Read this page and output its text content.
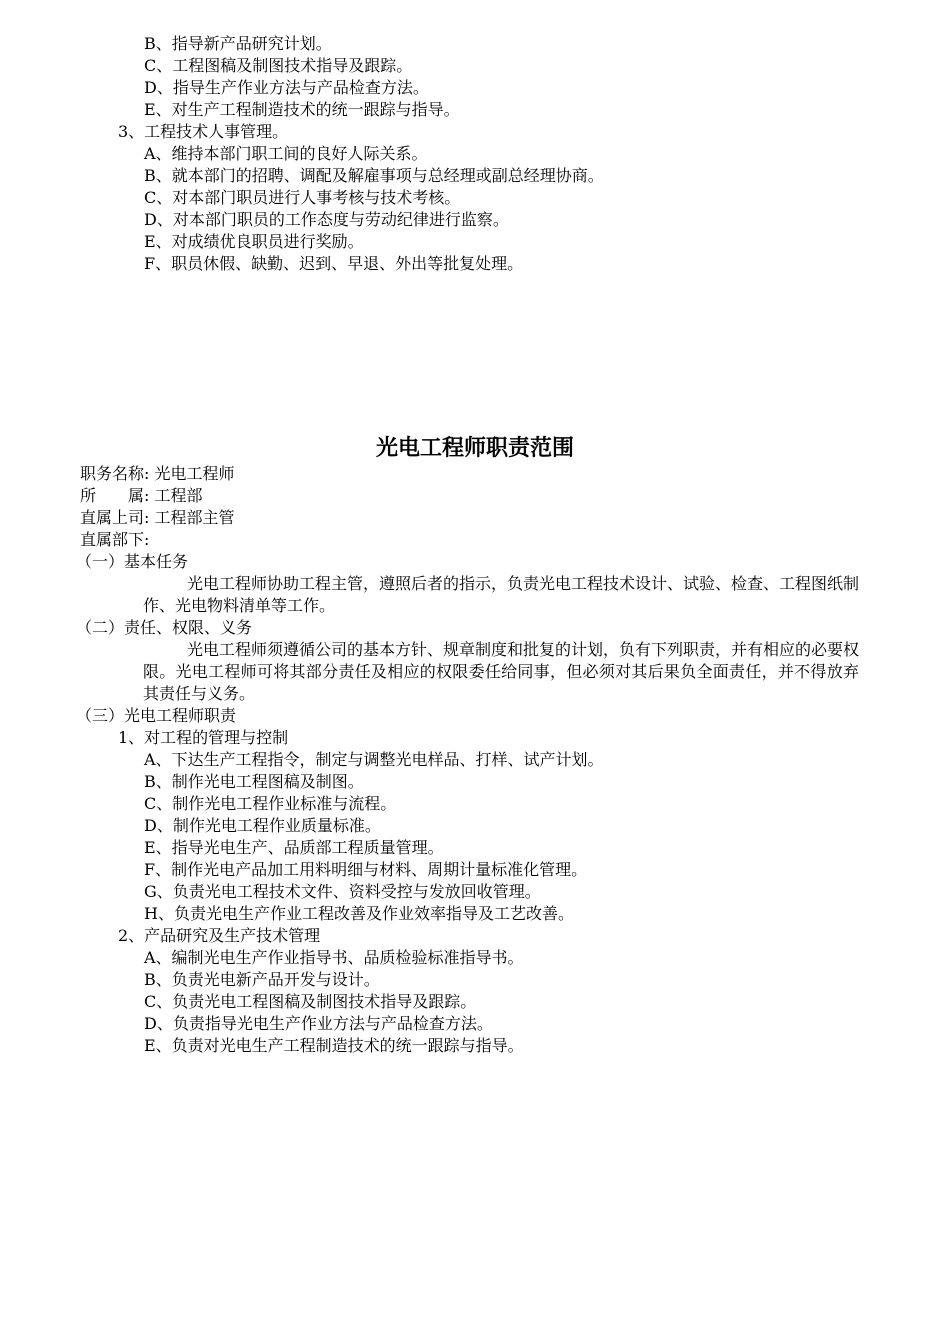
B、指导新产品研究计划。
C、工程图稿及制图技术指导及跟踪。
D、指导生产作业方法与产品检查方法。
E、对生产工程制造技术的统一跟踪与指导。
3、工程技术人事管理。
A、维持本部门职工间的良好人际关系。
B、就本部门的招聘、调配及解雇事项与总经理或副总经理协商。
C、对本部门职员进行人事考核与技术考核。
D、对本部门职员的工作态度与劳动纪律进行监察。
E、对成绩优良职员进行奖励。
F、职员休假、缺勤、迟到、早退、外出等批复处理。
光电工程师职责范围
职务名称: 光电工程师
所　　属: 工程部
直属上司: 工程部主管
直属部下:
（一）基本任务
光电工程师协助工程主管，遵照后者的指示，负责光电工程技术设计、试验、检查、工程图纸制作、光电物料清单等工作。
（二）责任、权限、义务
光电工程师须遵循公司的基本方针、规章制度和批复的计划，负有下列职责，并有相应的必要权限。光电工程师可将其部分责任及相应的权限委任给同事，但必须对其后果负全面责任，并不得放弃其责任与义务。
（三）光电工程师职责
1、对工程的管理与控制
A、下达生产工程指令，制定与调整光电样品、打样、试产计划。
B、制作光电工程图稿及制图。
C、制作光电工程作业标准与流程。
D、制作光电工程作业质量标准。
E、指导光电生产、品质部工程质量管理。
F、制作光电产品加工用料明细与材料、周期计量标准化管理。
G、负责光电工程技术文件、资料受控与发放回收管理。
H、负责光电生产作业工程改善及作业效率指导及工艺改善。
2、产品研究及生产技术管理
A、编制光电生产作业指导书、品质检验标准指导书。
B、负责光电新产品开发与设计。
C、负责光电工程图稿及制图技术指导及跟踪。
D、负责指导光电生产作业方法与产品检查方法。
E、负责对光电生产工程制造技术的统一跟踪与指导。
